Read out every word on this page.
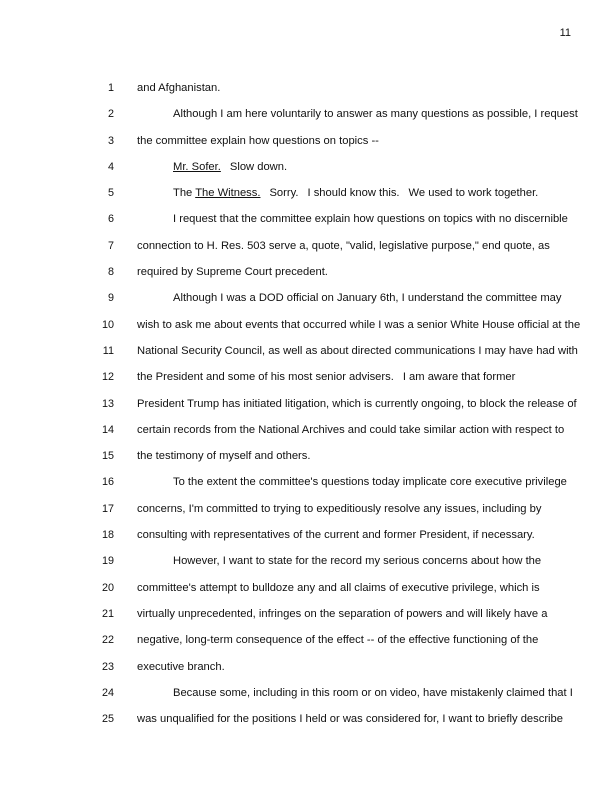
11
1 and Afghanistan.
2	Although I am here voluntarily to answer as many questions as possible, I request
3 the committee explain how questions on topics --
4	Mr. Sofer. Slow down.
5	The The Witness. Sorry. I should know this. We used to work together.
6	I request that the committee explain how questions on topics with no discernible
7 connection to H. Res. 503 serve a, quote, "valid, legislative purpose," end quote, as
8 required by Supreme Court precedent.
9	Although I was a DOD official on January 6th, I understand the committee may
10 wish to ask me about events that occurred while I was a senior White House official at the
11 National Security Council, as well as about directed communications I may have had with
12 the President and some of his most senior advisers. I am aware that former
13 President Trump has initiated litigation, which is currently ongoing, to block the release of
14 certain records from the National Archives and could take similar action with respect to
15 the testimony of myself and others.
16	To the extent the committee's questions today implicate core executive privilege
17 concerns, I'm committed to trying to expeditiously resolve any issues, including by
18 consulting with representatives of the current and former President, if necessary.
19	However, I want to state for the record my serious concerns about how the
20 committee's attempt to bulldoze any and all claims of executive privilege, which is
21 virtually unprecedented, infringes on the separation of powers and will likely have a
22 negative, long-term consequence of the effect -- of the effective functioning of the
23 executive branch.
24	Because some, including in this room or on video, have mistakenly claimed that I
25 was unqualified for the positions I held or was considered for, I want to briefly describe
